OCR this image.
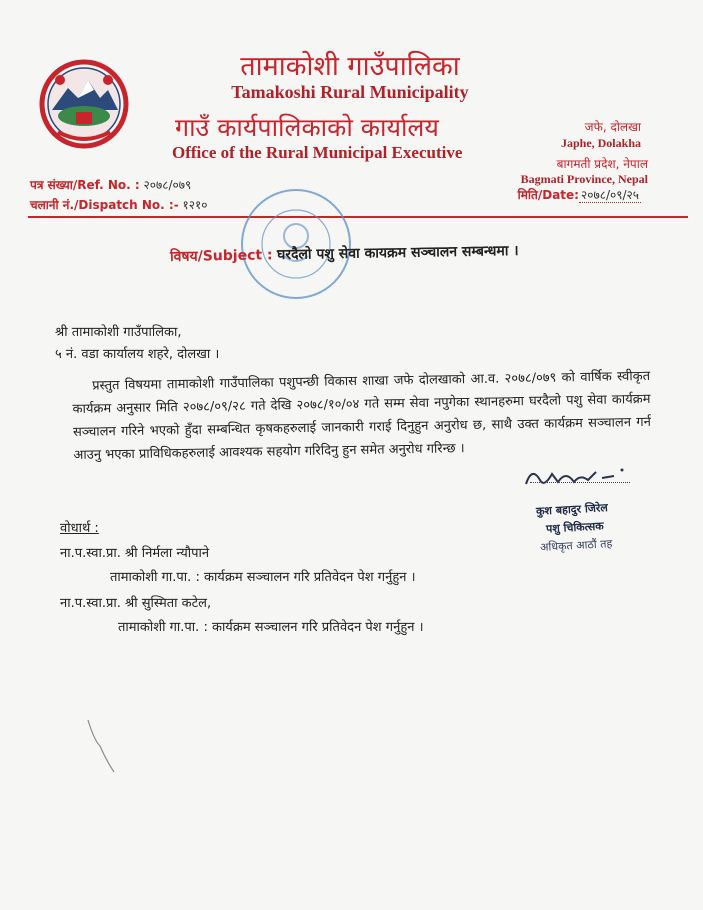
तामाकोशी गाउँपालिका
Tamakoshi Rural Municipality
गाउँ कार्यपालिकाको कार्यालय
Office of the Rural Municipal Executive
जफे, दोलखा
Japhe, Dolakha
बागमती प्रदेश, नेपाल
Bagmati Province, Nepal
पत्र संख्या/Ref. No. : २०७८/०७९
चलानी नं./Dispatch No. :- १२१०
मिति/Date: २०७८/०९/२५
विषय/Subject : घरदैलो पशु सेवा कायक्रम सञ्चालन सम्बन्धमा ।
श्री तामाकोशी गाउँपालिका,
५ नं. वडा कार्यालय शहरे, दोलखा ।
प्रस्तुत विषयमा तामाकोशी गाउँपालिका पशुपन्छी विकास शाखा जफे दोलखाको आ.व. २०७८/०७९ को वार्षिक स्वीकृत कार्यक्रम अनुसार मिति २०७८/०९/२८ गते देखि २०७८/१०/०४ गते सम्म सेवा नपुगेका स्थानहरुमा घरदैलो पशु सेवा कार्यक्रम सञ्चालन गरिने भएको हुँदा सम्बन्धित कृषकहरुलाई जानकारी गराई दिनुहुन अनुरोध छ, साथै उक्त कार्यक्रम सञ्चालन गर्न आउनु भएका प्राविधिकहरुलाई आवश्यक सहयोग गरिदिनु हुन समेत अनुरोध गरिन्छ ।
कुश बहादुर जिरेल
पशु चिकित्सक
अधिकृत आठौं तह
वोधार्थ :
ना.प.स्वा.प्रा. श्री निर्मला न्यौपाने
तामाकोशी गा.पा. : कार्यक्रम सञ्चालन गरि प्रतिवेदन पेश गर्नुहुन ।
ना.प.स्वा.प्रा. श्री सुस्मिता कटेल,
तामाकोशी गा.पा. : कार्यक्रम सञ्चालन गरि प्रतिवेदन पेश गर्नुहुन ।
